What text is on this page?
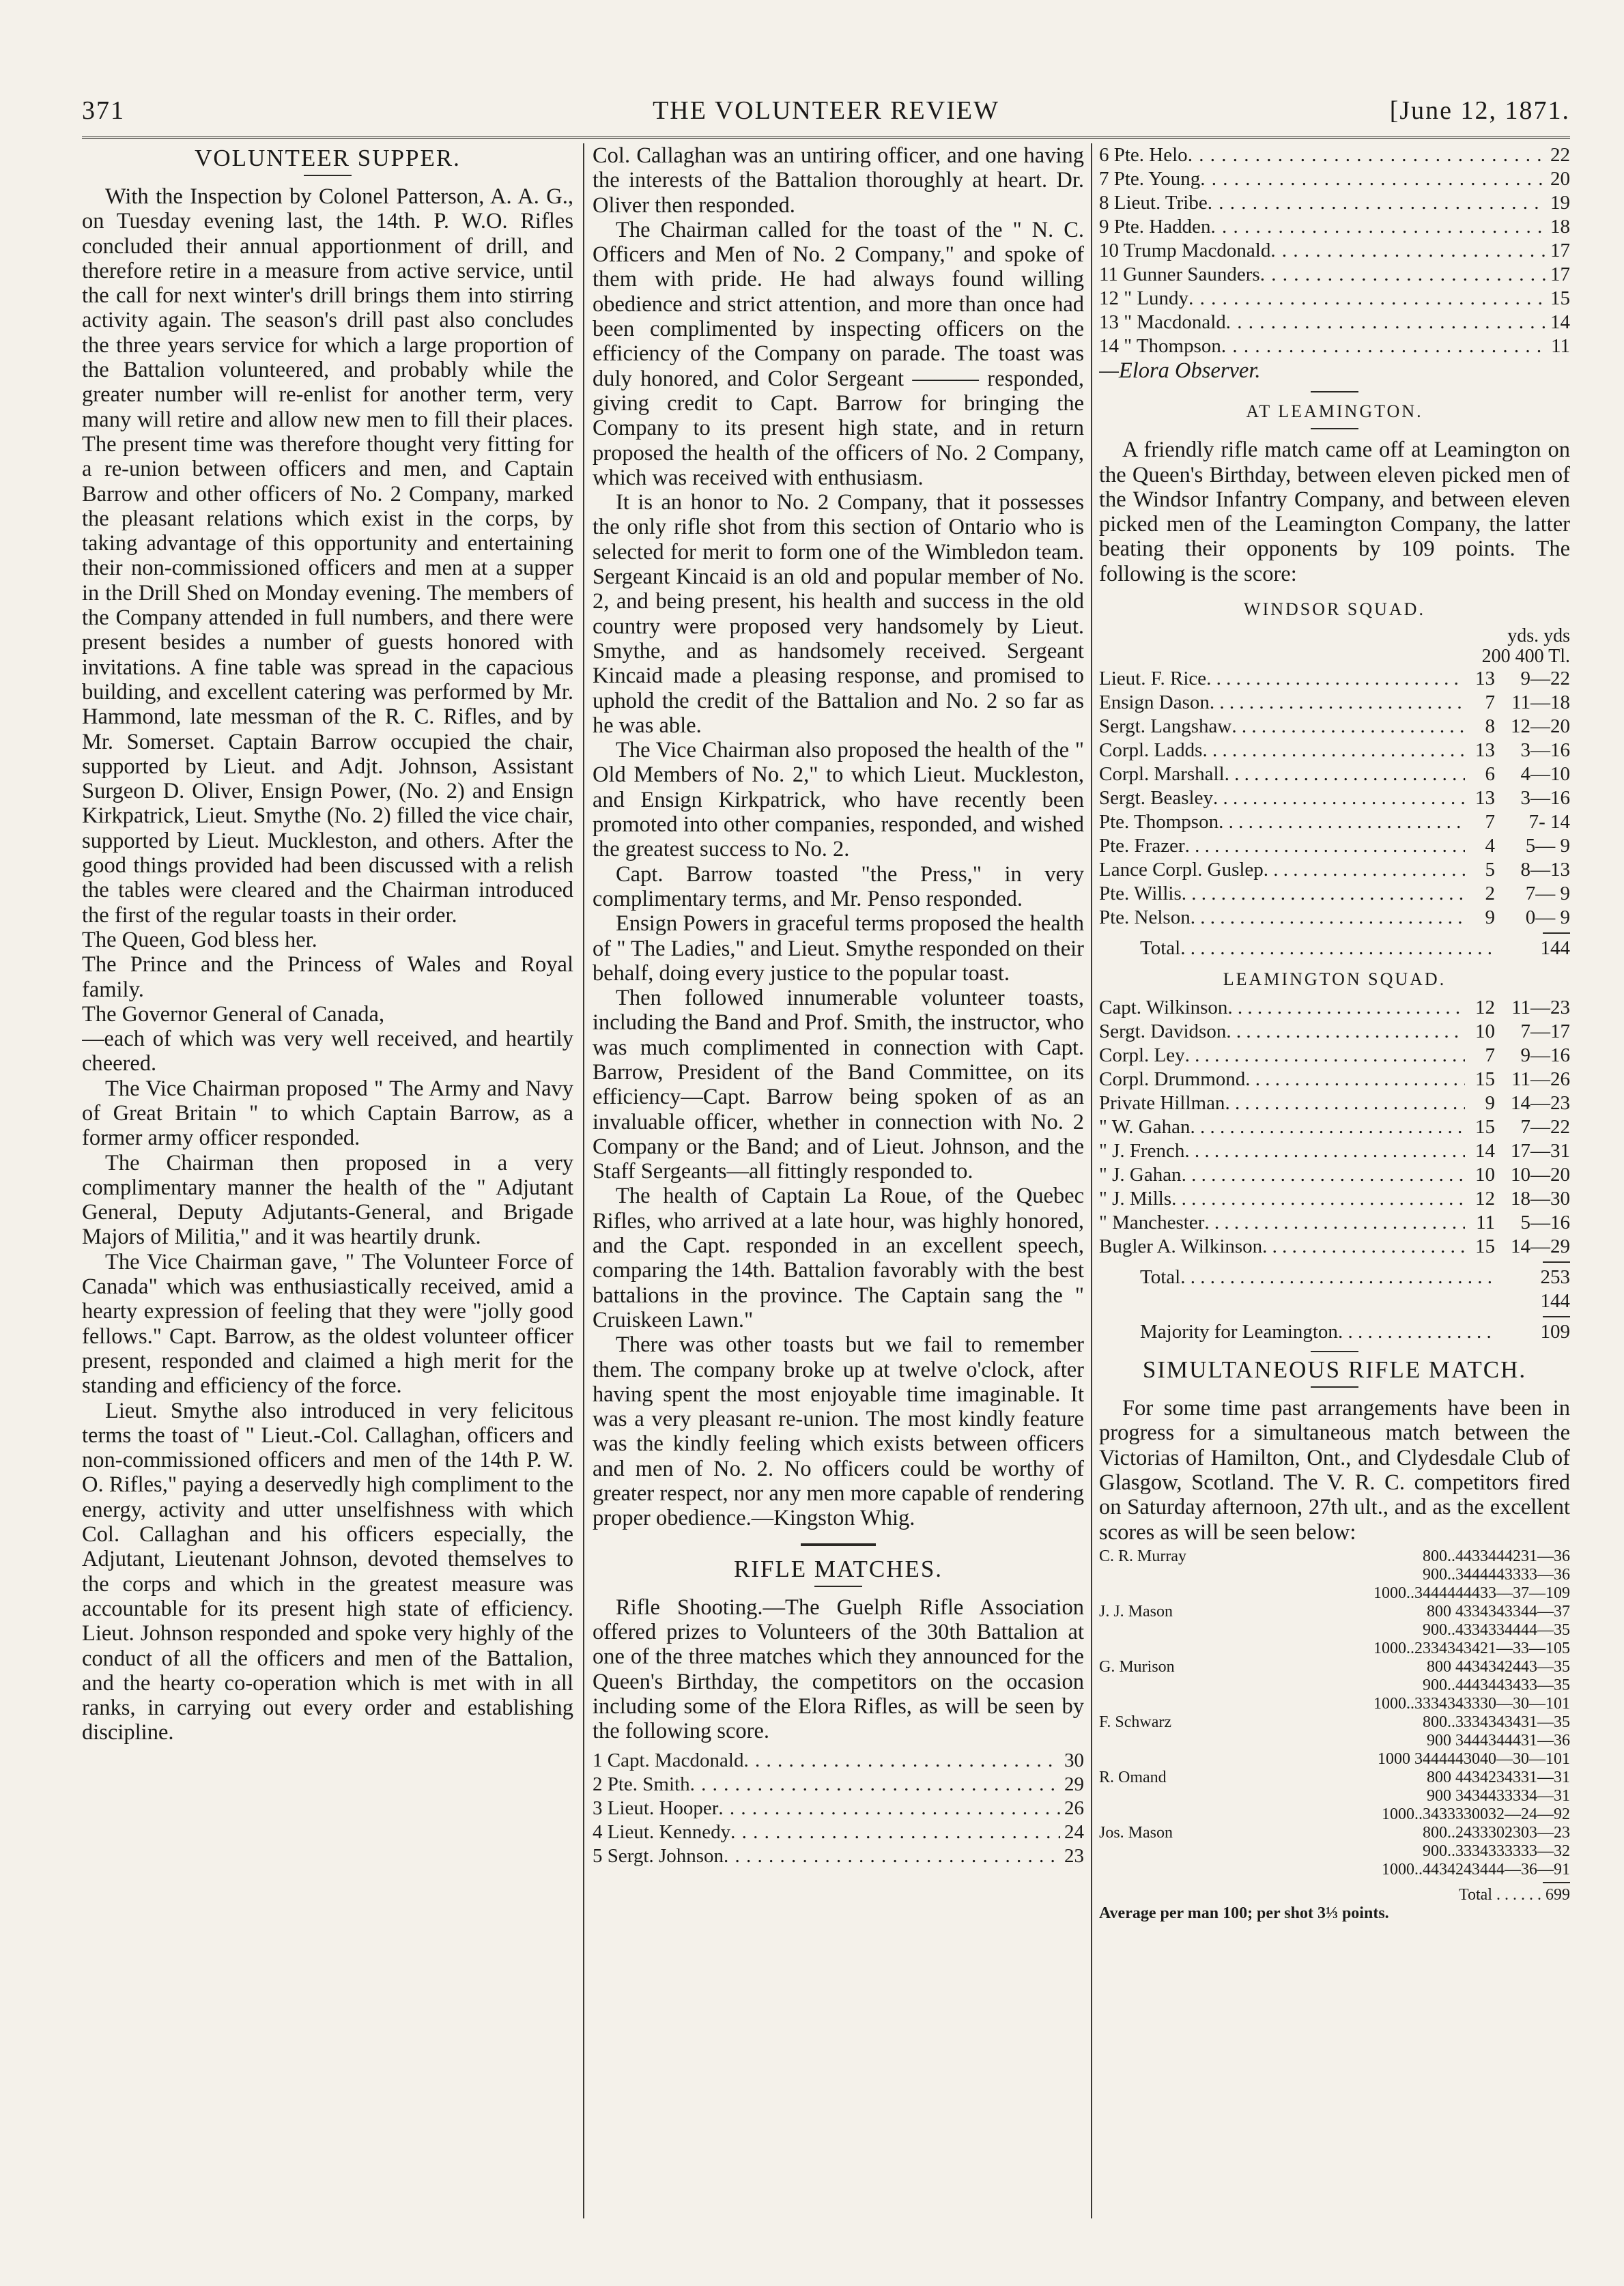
371	THE VOLUNTEER REVIEW	[June 12, 1871.
VOLUNTEER SUPPER.

With the Inspection by Colonel Patterson, A. A. G., on Tuesday evening last, the 14th. P. W.O. Rifles concluded their annual apportionment of drill, and therefore retire in a measure from active service, until the call for next winter's drill brings them into stirring activity again. The season's drill past also concludes the three years service for which a large proportion of the Battalion volunteered, and probably while the greater number will re-enlist for another term, very many will retire and allow new men to fill their places. The present time was therefore thought very fitting for a re-union between officers and men, and Captain Barrow and other officers of No. 2 Company, marked the pleasant relations which exist in the corps, by taking advantage of this opportunity and entertaining their non-commissioned officers and men at a supper in the Drill Shed on Monday evening. The members of the Company attended in full numbers, and there were present besides a number of guests honored with invitations. A fine table was spread in the capacious building, and excellent catering was performed by Mr. Hammond, late messman of the R. C. Rifles, and by Mr. Somerset. Captain Barrow occupied the chair, supported by Lieut. and Adjt. Johnson, Assistant Surgeon D. Oliver, Ensign Power, (No. 2) and Ensign Kirkpatrick, Lieut. Smythe (No. 2) filled the vice chair, supported by Lieut. Muckleston, and others. After the good things provided had been discussed with a relish the tables were cleared and the Chairman introduced the first of the regular toasts in their order.

The Queen, God bless her.

The Prince and the Princess of Wales and Royal family.

The Governor General of Canada,

—each of which was very well received, and heartily cheered.

The Vice Chairman proposed " The Army and Navy of Great Britain " to which Captain Barrow, as a former army officer responded.

The Chairman then proposed in a very complimentary manner the health of the " Adjutant General, Deputy Adjutants-General, and Brigade Majors of Militia," and it was heartily drunk.

The Vice Chairman gave, " The Volunteer Force of Canada" which was enthusiastically received, amid a hearty expression of feeling that they were "jolly good fellows." Capt. Barrow, as the oldest volunteer officer present, responded and claimed a high merit for the standing and efficiency of the force.

Lieut. Smythe also introduced in very felicitous terms the toast of " Lieut.-Col. Callaghan, officers and non-commissioned officers and men of the 14th P. W. O. Rifles," paying a deservedly high compliment to the energy, activity and utter unselfishness with which Col. Callaghan and his officers especially, the Adjutant, Lieutenant Johnson, devoted themselves to the corps and which in the greatest measure was accountable for its present high state of efficiency. Lieut. Johnson responded and spoke very highly of the conduct of all the officers and men of the Battalion, and the hearty co-operation which is met with in all ranks, in carrying out every order and establishing discipline.

Col. Callaghan was an untiring officer, and one having the interests of the Battalion thoroughly at heart. Dr. Oliver then responded.

The Chairman called for the toast of the " N. C. Officers and Men of No. 2 Company," and spoke of them with pride. He had always found willing obedience and strict attention, and more than once had been complimented by inspecting officers on the efficiency of the Company on parade. The toast was duly honored, and Color Sergeant ——— responded, giving credit to Capt. Barrow for bringing the Company to its present high state, and in return proposed the health of the officers of No. 2 Company, which was received with enthusiasm.

It is an honor to No. 2 Company, that it possesses the only rifle shot from this section of Ontario who is selected for merit to form one of the Wimbledon team. Sergeant Kincaid is an old and popular member of No. 2, and being present, his health and success in the old country were proposed very handsomely by Lieut. Smythe, and as handsomely received. Sergeant Kincaid made a pleasing response, and promised to uphold the credit of the Battalion and No. 2 so far as he was able.

The Vice Chairman also proposed the health of the " Old Members of No. 2," to which Lieut. Muckleston, and Ensign Kirkpatrick, who have recently been promoted into other companies, responded, and wished the greatest success to No. 2.

Capt. Barrow toasted "the Press," in very complimentary terms, and Mr. Penso responded.

Ensign Powers in graceful terms proposed the health of " The Ladies," and Lieut. Smythe responded on their behalf, doing every justice to the popular toast.

Then followed innumerable volunteer toasts, including the Band and Prof. Smith, the instructor, who was much complimented in connection with Capt. Barrow, President of the Band Committee, on its efficiency—Capt. Barrow being spoken of as an invaluable officer, whether in connection with No. 2 Company or the Band; and of Lieut. Johnson, and the Staff Sergeants—all fittingly responded to.

The health of Captain La Roue, of the Quebec Rifles, who arrived at a late hour, was highly honored, and the Capt. responded in an excellent speech, comparing the 14th. Battalion favorably with the best battalions in the province. The Captain sang the " Cruiskeen Lawn."

There was other toasts but we fail to remember them. The company broke up at twelve o'clock, after having spent the most enjoyable time imaginable. It was a very pleasant re-union. The most kindly feature was the kindly feeling which exists between officers and men of No. 2. No officers could be worthy of greater respect, nor any men more capable of rendering proper obedience.—Kingston Whig.

RIFLE MATCHES.

Rifle Shooting.—The Guelph Rifle Association offered prizes to Volunteers of the 30th Battalion at one of the three matches which they announced for the Queen's Birthday, the competitors on the occasion including some of the Elora Rifles, as will be seen by the following score.

1 Capt. Macdonald . . .	30
2 Pte. Smith . . .	29
3 Lieut. Hooper . . .	26
4 Lieut. Kennedy . . .	24
5 Sergt. Johnson . . .	23
6 Pte. Helo . . .	22
7 Pte. Young . . .	20
8 Lieut. Tribe . . .	19
9 Pte. Hadden . . .	18
10 Trump Macdonald . . .	17
11 Gunner Saunders . . .	17
12 " Lundy . . .	15
13 " Macdonald . . .	14
14 " Thompson . . .	11

—Elora Observer.

AT LEAMINGTON.

A friendly rifle match came off at Leamington on the Queen's Birthday, between eleven picked men of the Windsor Infantry Company, and between eleven picked men of the Leamington Company, the latter beating their opponents by 109 points. The following is the score:

WINDSOR SQUAD.
yds. yds
200 400 Tl.
Lieut. F. Rice . . .	13	9—22
Ensign Dason . . .	7 11—18
Sergt. Langshaw . . .	8 12—20
Corpl. Ladds . . .	13	3—16
Corpl. Marshall . . .	6	4—10
Sergt. Beasley . . .	13	3—16
Pte. Thompson . . .	7	7- 14
Pte. Frazer . . .	4	5— 9
Lance Corpl. Guslep . . .	5	8—13
Pte. Willis . . .	2	7— 9
Pte. Nelson . . .	9	0— 9
Total . . .	144
LEAMINGTON SQUAD.
Capt. Wilkinson . . .	12 11—23
Sergt. Davidson . . .	10	7—17
Corpl. Ley . . .	7	9—16
Corpl. Drummond . . .	15 11—26
Private Hillman . . .	9 14—23
" W. Gahan . . .	15	7—22
" J. French . . .	14 17—31
" J. Gahan . . .	10 10—20
" J. Mills . . .	12 18—30
" Manchester . . .	11	5—16
Bugler A. Wilkinson . . .	15 14—29
Total . . .	253
144
Majority for Leamington . . .	109
SIMULTANEOUS RIFLE MATCH.

For some time past arrangements have been in progress for a simultaneous match between the Victorias of Hamilton, Ont., and Clydesdale Club of Glasgow, Scotland. The V. R. C. competitors fired on Saturday afternoon, 27th ult., and as the excellent scores as will be seen below:

C. R. Murray	800..4433444231—36
900..3444443333—36
1000..3444444433—37—109
J. J. Mason	800 4334343344—37
900..4334334444—35
1000..2334343421—33—105
G. Murison	800 4434342443—35
900..4443443433—35
1000..3334343330—30—101
F. Schwarz	800..3334343431—35
900 3444344431—36
1000 3444443040—30—101
R. Omand	800 4434234331—31
900 3434433334—31
1000..3433330032—24—92
Jos. Mason	800..2433302303—23
900..3334333333—32
1000..4434243444—36—91
Total . . . . . . 699
Average per man 100; per shot 3⅓ points.
